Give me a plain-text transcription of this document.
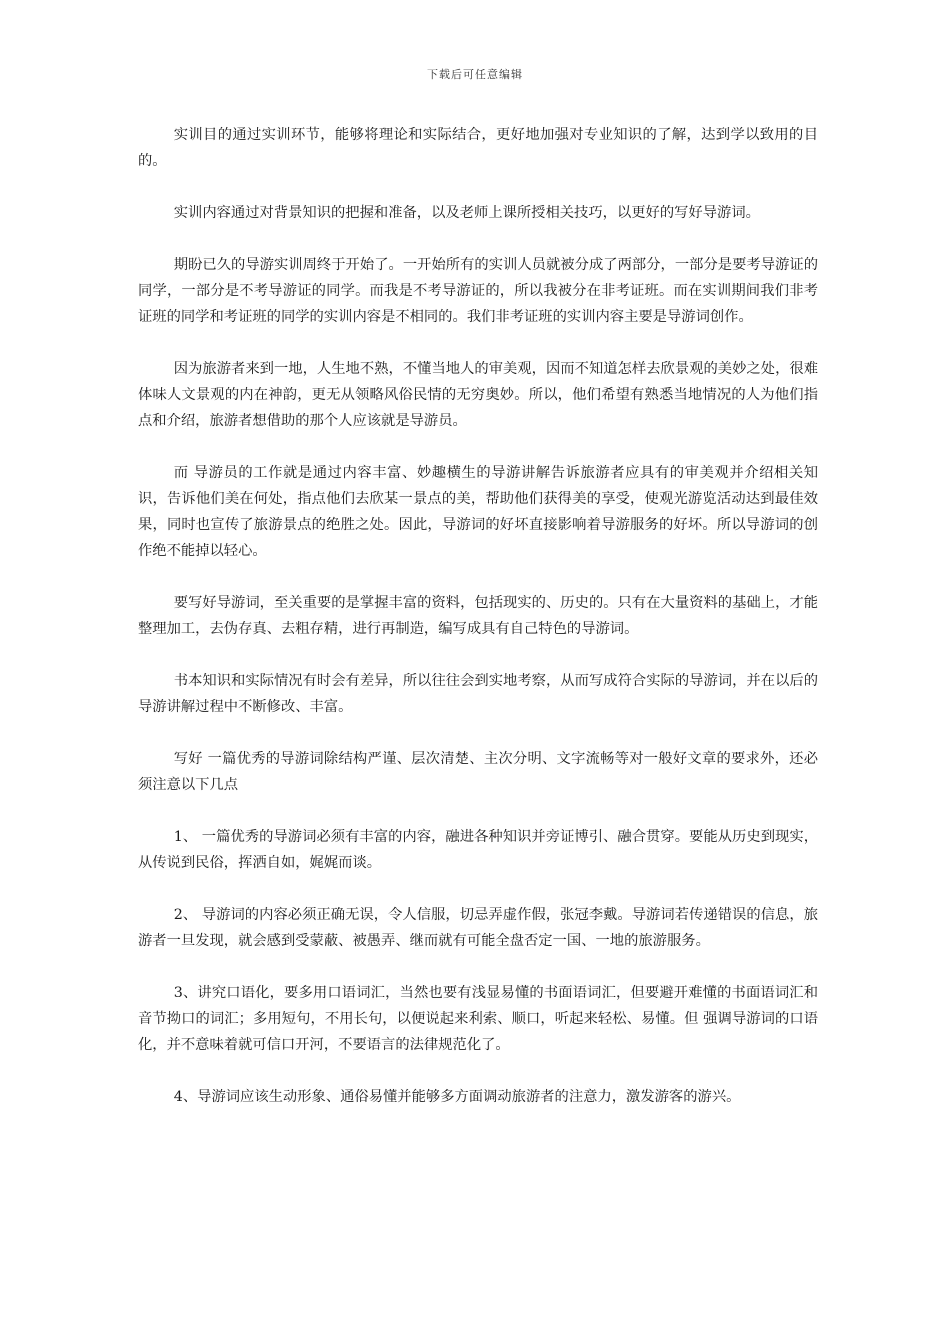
下载后可任意编辑

实训目的通过实训环节，能够将理论和实际结合，更好地加强对专业知识的了解，达到学以致用的目的。

实训内容通过对背景知识的把握和准备，以及老师上课所授相关技巧，以更好的写好导游词。

期盼已久的导游实训周终于开始了。一开始所有的实训人员就被分成了两部分，一部分是要考导游证的同学，一部分是不考导游证的同学。而我是不考导游证的，所以我被分在非考证班。而在实训期间我们非考证班的同学和考证班的同学的实训内容是不相同的。我们非考证班的实训内容主要是导游词创作。

因为旅游者来到一地，人生地不熟，不懂当地人的审美观，因而不知道怎样去欣景观的美妙之处，很难体味人文景观的内在神韵，更无从领略风俗民情的无穷奥妙。所以，他们希望有熟悉当地情况的人为他们指点和介绍，旅游者想借助的那个人应该就是导游员。

而 导游员的工作就是通过内容丰富、妙趣横生的导游讲解告诉旅游者应具有的审美观并介绍相关知识，告诉他们美在何处，指点他们去欣某一景点的美，帮助他们获得美的享受，使观光游览活动达到最佳效果，同时也宣传了旅游景点的绝胜之处。因此，导游词的好坏直接影响着导游服务的好坏。所以导游词的创作绝不能掉以轻心。

要写好导游词，至关重要的是掌握丰富的资料，包括现实的、历史的。只有在大量资料的基础上，才能整理加工，去伪存真、去粗存精，进行再制造，编写成具有自己特色的导游词。

书本知识和实际情况有时会有差异，所以往往会到实地考察，从而写成符合实际的导游词，并在以后的导游讲解过程中不断修改、丰富。

写好 一篇优秀的导游词除结构严谨、层次清楚、主次分明、文字流畅等对一般好文章的要求外，还必须注意以下几点

1、 一篇优秀的导游词必须有丰富的内容，融进各种知识并旁证博引、融合贯穿。要能从历史到现实，从传说到民俗，挥洒自如，娓娓而谈。

2、 导游词的内容必须正确无误，令人信服，切忌弄虚作假，张冠李戴。导游词若传递错误的信息，旅游者一旦发现，就会感到受蒙蔽、被愚弄、继而就有可能全盘否定一国、一地的旅游服务。

3、讲究口语化，要多用口语词汇，当然也要有浅显易懂的书面语词汇，但要避开难懂的书面语词汇和音节拗口的词汇；多用短句，不用长句，以便说起来利索、顺口，听起来轻松、易懂。但 强调导游词的口语化，并不意味着就可信口开河，不要语言的法律规范化了。

4、导游词应该生动形象、通俗易懂并能够多方面调动旅游者的注意力，激发游客的游兴。
